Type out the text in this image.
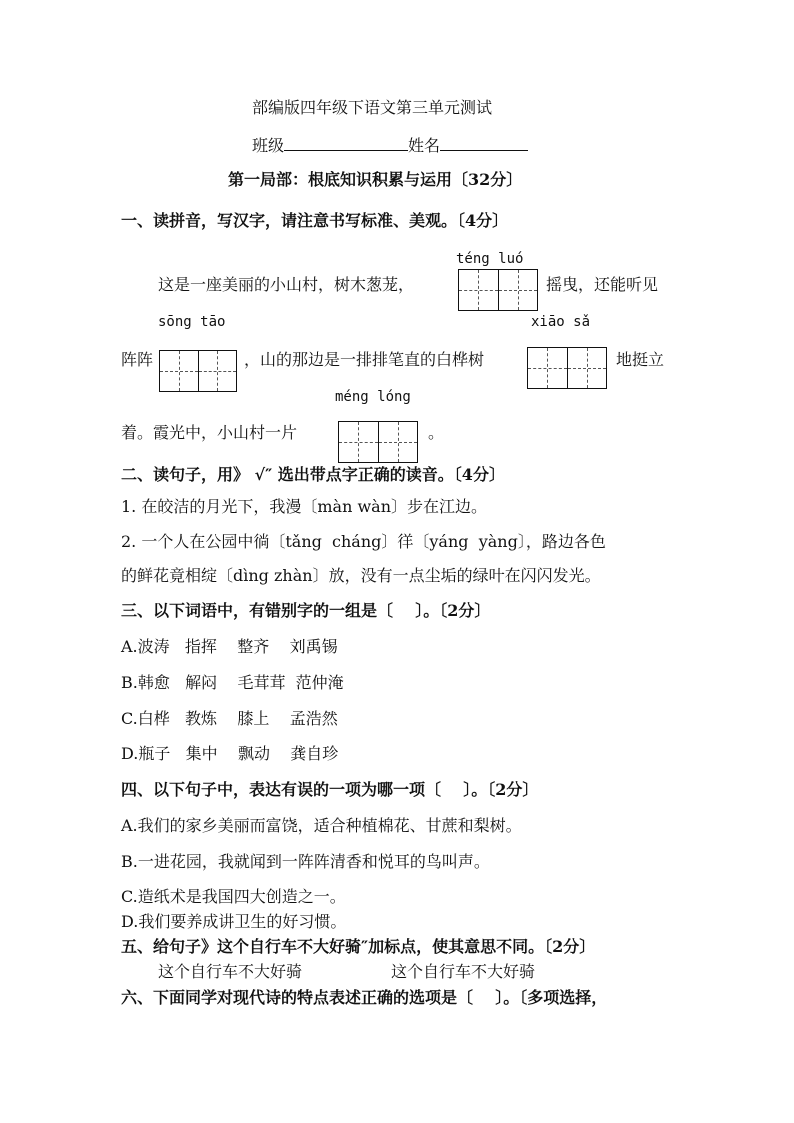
部编版四年级下语文第三单元测试
班级	姓名
第一局部：根底知识积累与运用〔32分〕
一、读拼音，写汉字，请注意书写标准、美观。〔4分〕
téng luó
这是一座美丽的小山村，树木葱茏，	摇曳，还能听见
sōng tāo	xiāo sǎ
阵阵	，山的那边是一排排笔直的白桦树	地挺立
méng lóng
着。霞光中，小山村一片	。
二、读句子，用》 √″ 选出带点字正确的读音。〔4分〕
1. 在皎洁的月光下，我漫〔màn wàn〕步在江边。
2. 一个人在公园中徜〔tǎng  cháng〕徉〔yáng  yàng〕，路边各色
的鲜花竟相绽〔dìng zhàn〕放，没有一点尘垢的绿叶在闪闪发光。
三、以下词语中，有错别字的一组是〔    〕。〔2分〕
A.波涛   指挥    整齐    刘禹锡
B.韩愈   解闷    毛茸茸  范仲淹
C.白桦   教炼    膝上    孟浩然
D.瓶子   集中    飘动    龚自珍
四、以下句子中，表达有误的一项为哪一项〔    〕。〔2分〕
A.我们的家乡美丽而富饶，适合种植棉花、甘蔗和梨树。
B.一进花园，我就闻到一阵阵清香和悦耳的鸟叫声。
C.造纸术是我国四大创造之一。
D.我们要养成讲卫生的好习惯。
五、给句子》这个自行车不大好骑″加标点，使其意思不同。〔2分〕
这个自行车不大好骑	这个自行车不大好骑
六、下面同学对现代诗的特点表述正确的选项是〔    〕。〔多项选择，
